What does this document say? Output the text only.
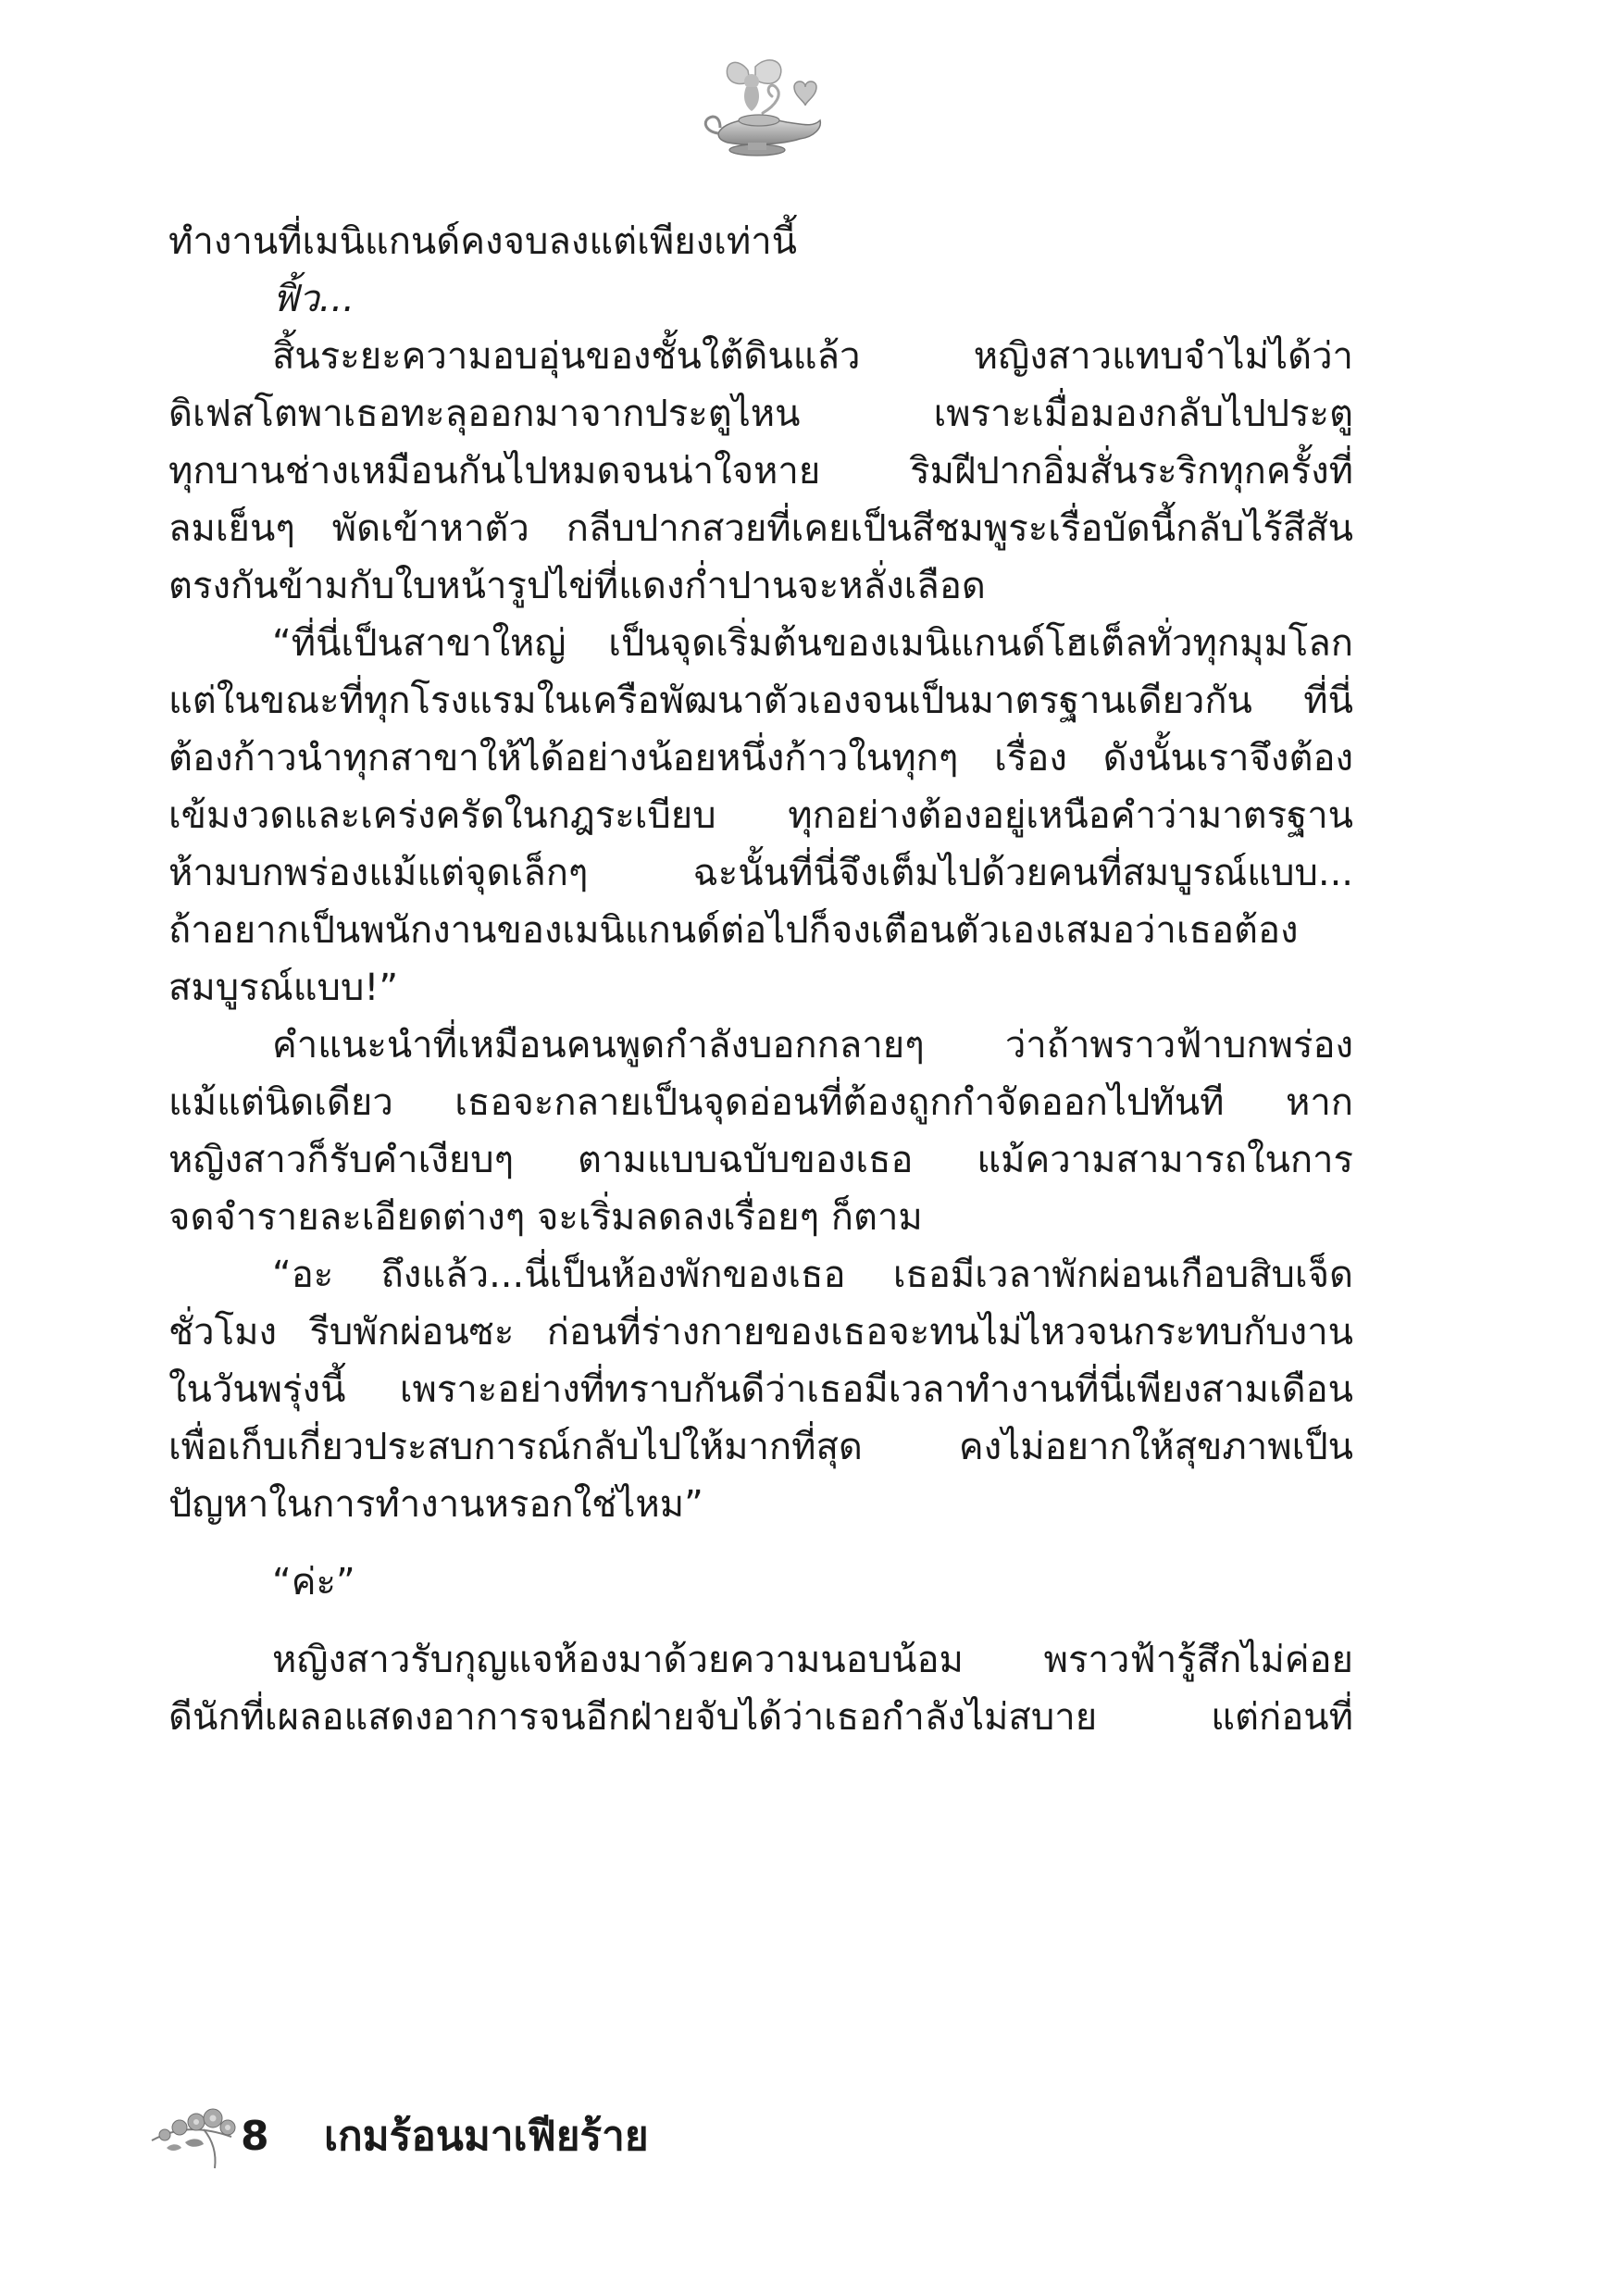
ทำงานที่เมนิแกนด์คงจบลงแต่เพียงเท่านี้
ฟิ้ว...
สิ้นระยะความอบอุ่นของชั้นใต้ดินแล้ว หญิงสาวแทบจำไม่ได้ว่า
ดิเฟสโตพาเธอทะลุออกมาจากประตูไหน เพราะเมื่อมองกลับไปประตู
ทุกบานช่างเหมือนกันไปหมดจนน่าใจหาย ริมฝีปากอิ่มสั่นระริกทุกครั้งที่
ลมเย็นๆ พัดเข้าหาตัว กลีบปากสวยที่เคยเป็นสีชมพูระเรื่อบัดนี้กลับไร้สีสัน
ตรงกันข้ามกับใบหน้ารูปไข่ที่แดงก่ำปานจะหลั่งเลือด
“ที่นี่เป็นสาขาใหญ่ เป็นจุดเริ่มต้นของเมนิแกนด์โฮเต็ลทั่วทุกมุมโลก
แต่ในขณะที่ทุกโรงแรมในเครือพัฒนาตัวเองจนเป็นมาตรฐานเดียวกัน ที่นี่
ต้องก้าวนำทุกสาขาให้ได้อย่างน้อยหนึ่งก้าวในทุกๆ เรื่อง ดังนั้นเราจึงต้อง
เข้มงวดและเคร่งครัดในกฎระเบียบ ทุกอย่างต้องอยู่เหนือคำว่ามาตรฐาน
ห้ามบกพร่องแม้แต่จุดเล็กๆ ฉะนั้นที่นี่จึงเต็มไปด้วยคนที่สมบูรณ์แบบ...
ถ้าอยากเป็นพนักงานของเมนิแกนด์ต่อไปก็จงเตือนตัวเองเสมอว่าเธอต้อง
สมบูรณ์แบบ!”
คำแนะนำที่เหมือนคนพูดกำลังบอกกลายๆ ว่าถ้าพราวฟ้าบกพร่อง
แม้แต่นิดเดียว เธอจะกลายเป็นจุดอ่อนที่ต้องถูกกำจัดออกไปทันที หาก
หญิงสาวก็รับคำเงียบๆ ตามแบบฉบับของเธอ แม้ความสามารถในการ
จดจำรายละเอียดต่างๆ จะเริ่มลดลงเรื่อยๆ ก็ตาม
“อะ ถึงแล้ว...นี่เป็นห้องพักของเธอ เธอมีเวลาพักผ่อนเกือบสิบเจ็ด
ชั่วโมง รีบพักผ่อนซะ ก่อนที่ร่างกายของเธอจะทนไม่ไหวจนกระทบกับงาน
ในวันพรุ่งนี้ เพราะอย่างที่ทราบกันดีว่าเธอมีเวลาทำงานที่นี่เพียงสามเดือน
เพื่อเก็บเกี่ยวประสบการณ์กลับไปให้มากที่สุด คงไม่อยากให้สุขภาพเป็น
ปัญหาในการทำงานหรอกใช่ไหม”
“ค่ะ”
หญิงสาวรับกุญแจห้องมาด้วยความนอบน้อม พราวฟ้ารู้สึกไม่ค่อย
ดีนักที่เผลอแสดงอาการจนอีกฝ่ายจับได้ว่าเธอกำลังไม่สบาย แต่ก่อนที่
8 เกมร้อนมาเฟียร้าย
